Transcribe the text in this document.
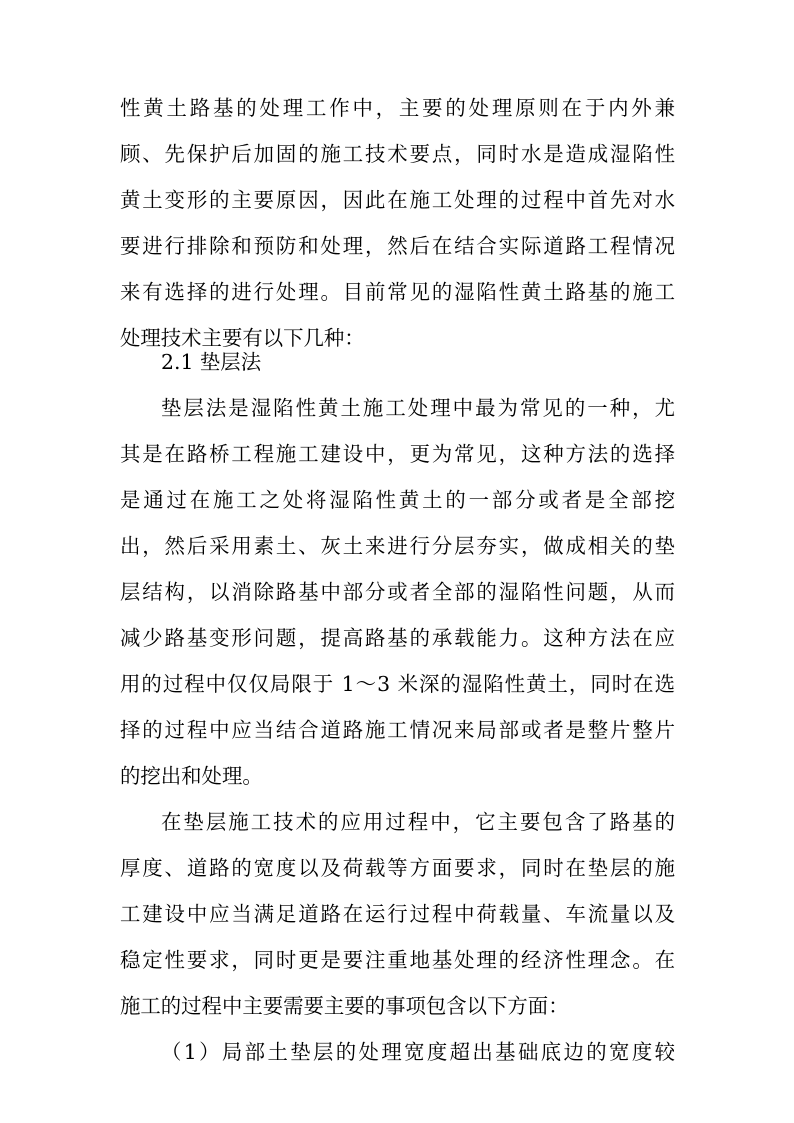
性黄土路基的处理工作中，主要的处理原则在于内外兼
顾、先保护后加固的施工技术要点，同时水是造成湿陷性
黄土变形的主要原因，因此在施工处理的过程中首先对水
要进行排除和预防和处理，然后在结合实际道路工程情况
来有选择的进行处理。目前常见的湿陷性黄土路基的施工
处理技术主要有以下几种：
2.1 垫层法
垫层法是湿陷性黄土施工处理中最为常见的一种，尤
其是在路桥工程施工建设中，更为常见，这种方法的选择
是通过在施工之处将湿陷性黄土的一部分或者是全部挖
出，然后采用素土、灰土来进行分层夯实，做成相关的垫
层结构，以消除路基中部分或者全部的湿陷性问题，从而
减少路基变形问题，提高路基的承载能力。这种方法在应
用的过程中仅仅局限于 1～3 米深的湿陷性黄土，同时在选
择的过程中应当结合道路施工情况来局部或者是整片整片
的挖出和处理。
在垫层施工技术的应用过程中，它主要包含了路基的
厚度、道路的宽度以及荷载等方面要求，同时在垫层的施
工建设中应当满足道路在运行过程中荷载量、车流量以及
稳定性要求，同时更是要注重地基处理的经济性理念。在
施工的过程中主要需要主要的事项包含以下方面：
（1）局部土垫层的处理宽度超出基础底边的宽度较
